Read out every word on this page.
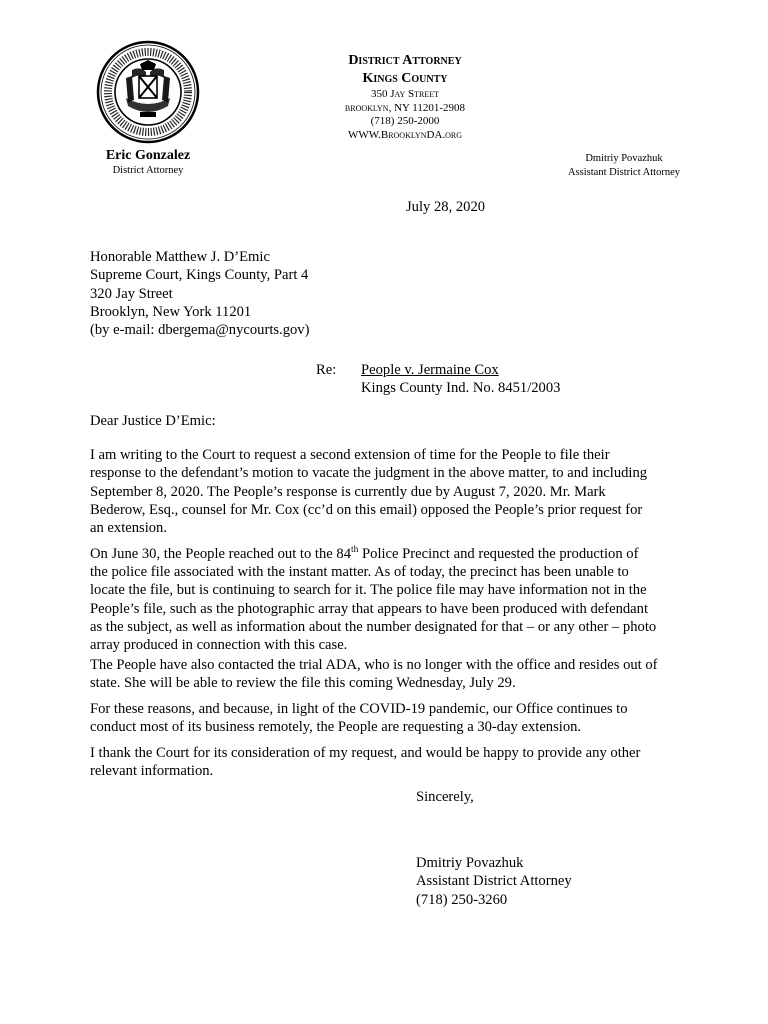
District Attorney
Kings County
350 Jay Street
brooklyn, NY 11201-2908
(718) 250-2000
WWW.BrooklynDA.org
Eric Gonzalez
District Attorney
Dmitriy Povazhuk
Assistant District Attorney
July 28, 2020
Honorable Matthew J. D’Emic
Supreme Court, Kings County, Part 4
320 Jay Street
Brooklyn, New York 11201
(by e-mail: dbergema@nycourts.gov)
Re: People v. Jermaine Cox
Kings County Ind. No. 8451/2003
Dear Justice D’Emic:
I am writing to the Court to request a second extension of time for the People to file their
response to the defendant’s motion to vacate the judgment in the above matter, to and including
September 8, 2020. The People’s response is currently due by August 7, 2020. Mr. Mark
Bederow, Esq., counsel for Mr. Cox (cc’d on this email) opposed the People’s prior request for
an extension.
On June 30, the People reached out to the 84th Police Precinct and requested the production of
the police file associated with the instant matter. As of today, the precinct has been unable to
locate the file, but is continuing to search for it. The police file may have information not in the
People’s file, such as the photographic array that appears to have been produced with defendant
as the subject, as well as information about the number designated for that – or any other – photo
array produced in connection with this case.
The People have also contacted the trial ADA, who is no longer with the office and resides out of
state. She will be able to review the file this coming Wednesday, July 29.
For these reasons, and because, in light of the COVID-19 pandemic, our Office continues to
conduct most of its business remotely, the People are requesting a 30-day extension.
I thank the Court for its consideration of my request, and would be happy to provide any other
relevant information.
Sincerely,
Dmitriy Povazhuk
Assistant District Attorney
(718) 250-3260
